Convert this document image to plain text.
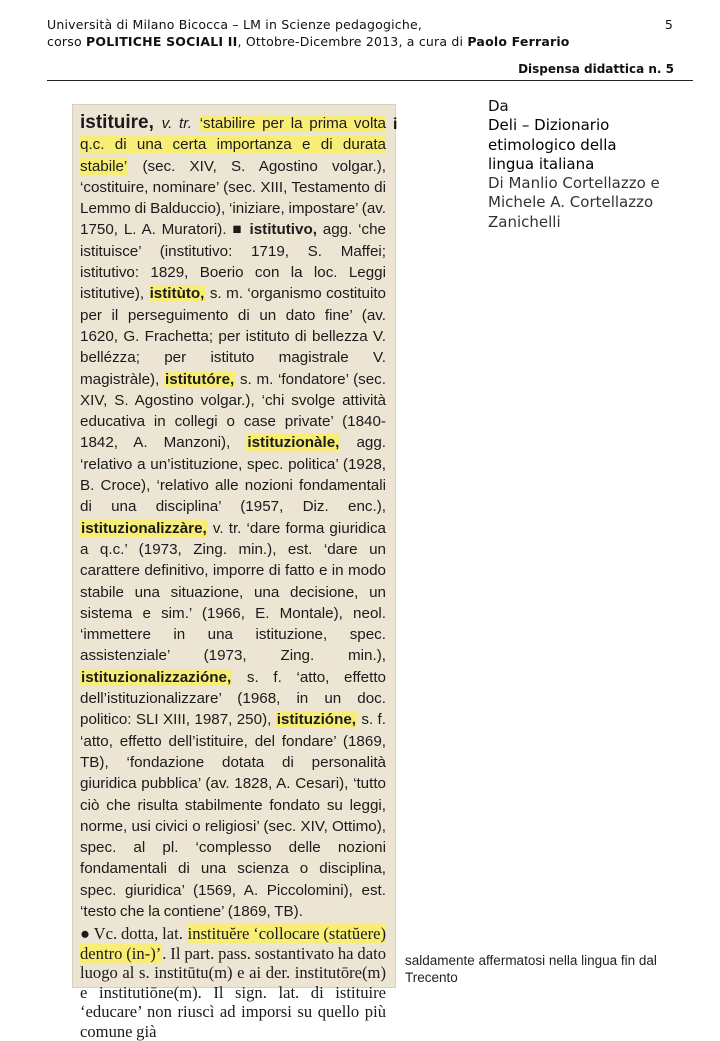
Università di Milano Bicocca – LM in Scienze pedagogiche,
corso POLITICHE SOCIALI II, Ottobre-Dicembre 2013, a cura di Paolo Ferrario
5
Dispensa didattica n. 5
istituire, v. tr. ‘stabilire per la prima volta q.c. di una certa importanza e di durata stabile’ (sec. XIV, S. Agostino volgar.), ‘costituire, nominare’ (sec. XIII, Testamento di Lemmo di Balduccio), ‘iniziare, impostare’ (av. 1750, L. A. Muratori). ■ istitutivo, agg. ‘che istituisce’ (institutivo: 1719, S. Maffei; istitutivo: 1829, Boerio con la loc. Leggi istitutive), istitùto, s. m. ‘organismo costituito per il perseguimento di un dato fine’ (av. 1620, G. Frachetta; per istituto di bellezza V. bellézza; per istituto magistrale V. magistràle), istitutóre, s. m. ‘fondatore’ (sec. XIV, S. Agostino volgar.), ‘chi svolge attività educativa in collegi o case private’ (1840-1842, A. Manzoni), istituzionàle, agg. ‘relativo a un’istituzione, spec. politica’ (1928, B. Croce), ‘relativo alle nozioni fondamentali di una disciplina’ (1957, Diz. enc.), istituzionalizzàre, v. tr. ‘dare forma giuridica a q.c.’ (1973, Zing. min.), est. ‘dare un carattere definitivo, imporre di fatto e in modo stabile una situazione, una decisione, un sistema e sim.’ (1966, E. Montale), neol. ‘immettere in una istituzione, spec. assistenziale’ (1973, Zing. min.), istituzionalizzazióne, s. f. ‘atto, effetto dell’istituzionalizzare’ (1968, in un doc. politico: SLI XIII, 1987, 250), istituzióne, s. f. ‘atto, effetto dell’istituire, del fondare’ (1869, TB), ‘fondazione dotata di personalità giuridica pubblica’ (av. 1828, A. Cesari), ‘tutto ciò che risulta stabilmente fondato su leggi, norme, usi civici o religiosi’ (sec. XIV, Ottimo), spec. al pl. ‘complesso delle nozioni fondamentali di una scienza o disciplina, spec. giuridica’ (1569, A. Piccolomini), est. ‘testo che la contiene’ (1869, TB).
● Vc. dotta, lat. instituĕre ‘collocare (statŭere) dentro (in-)’. Il part. pass. sostantivato ha dato luogo al s. institūtu(m) e ai der. institutōre(m) e institutiōne(m). Il sign. lat. di istituire ‘educare’ non riuscì ad imporsi su quello più comune già
i
Da
Deli – Dizionario
etimologico della
lingua italiana
Di Manlio Cortellazzo e
Michele A. Cortellazzo
Zanichelli
saldamente affermatosi nella lingua fin dal Trecento
